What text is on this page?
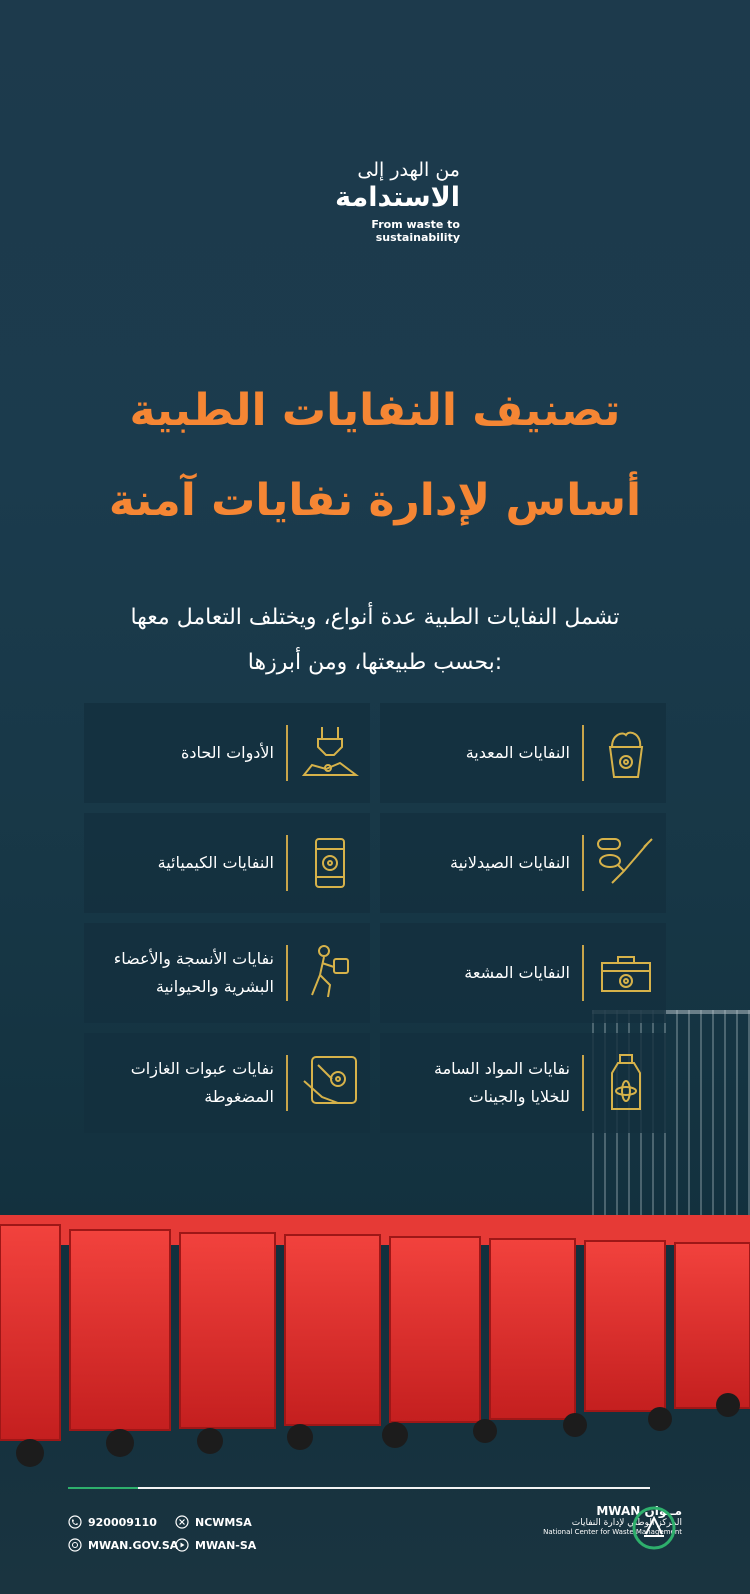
من الهدر إلى
الاستدامة
From waste to sustainability
تصنيف النفايات الطبية
أساس لإدارة نفايات آمنة
تشمل النفايات الطبية عدة أنواع، ويختلف التعامل معها
بحسب طبيعتها، ومن أبرزها:
النفايات المعدية
الأدوات الحادة
النفايات الصيدلانية
النفايات الكيميائية
النفايات المشعة
نفايات الأنسجة والأعضاء البشرية والحيوانية
نفايات المواد السامة للخلايا والجينات
نفايات عبوات الغازات المضغوطة
920009110	NCWMSA
MWAN.GOV.SA MWAN-SA
MWAN مــوان
المركز الوطني لإدارة النفايات
National Center for Waste Management
